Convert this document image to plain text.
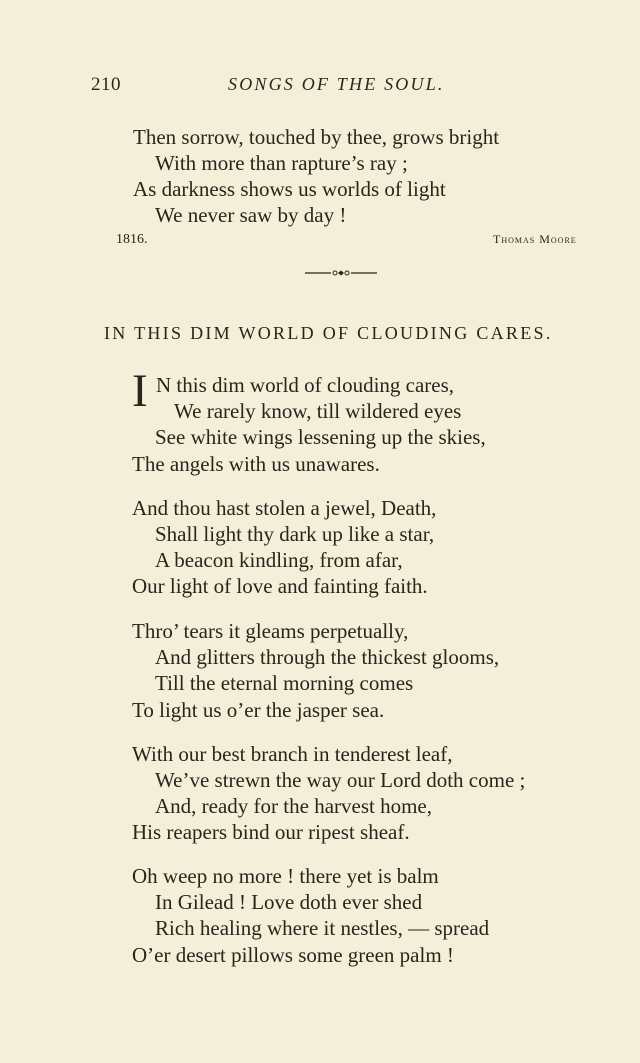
210	SONGS OF THE SOUL.
Then sorrow, touched by thee, grows bright
With more than rapture’s ray ;
As darkness shows us worlds of light
We never saw by day !
1816.	Thomas Moore
IN THIS DIM WORLD OF CLOUDING CARES.
I N this dim world of clouding cares,
We rarely know, till wildered eyes
See white wings lessening up the skies,
The angels with us unawares.
And thou hast stolen a jewel, Death,
Shall light thy dark up like a star,
A beacon kindling, from afar,
Our light of love and fainting faith.
Thro’ tears it gleams perpetually,
And glitters through the thickest glooms,
Till the eternal morning comes
To light us o’er the jasper sea.
With our best branch in tenderest leaf,
We’ve strewn the way our Lord doth come ;
And, ready for the harvest home,
His reapers bind our ripest sheaf.
Oh weep no more ! there yet is balm
In Gilead ! Love doth ever shed
Rich healing where it nestles, — spread
O’er desert pillows some green palm !
